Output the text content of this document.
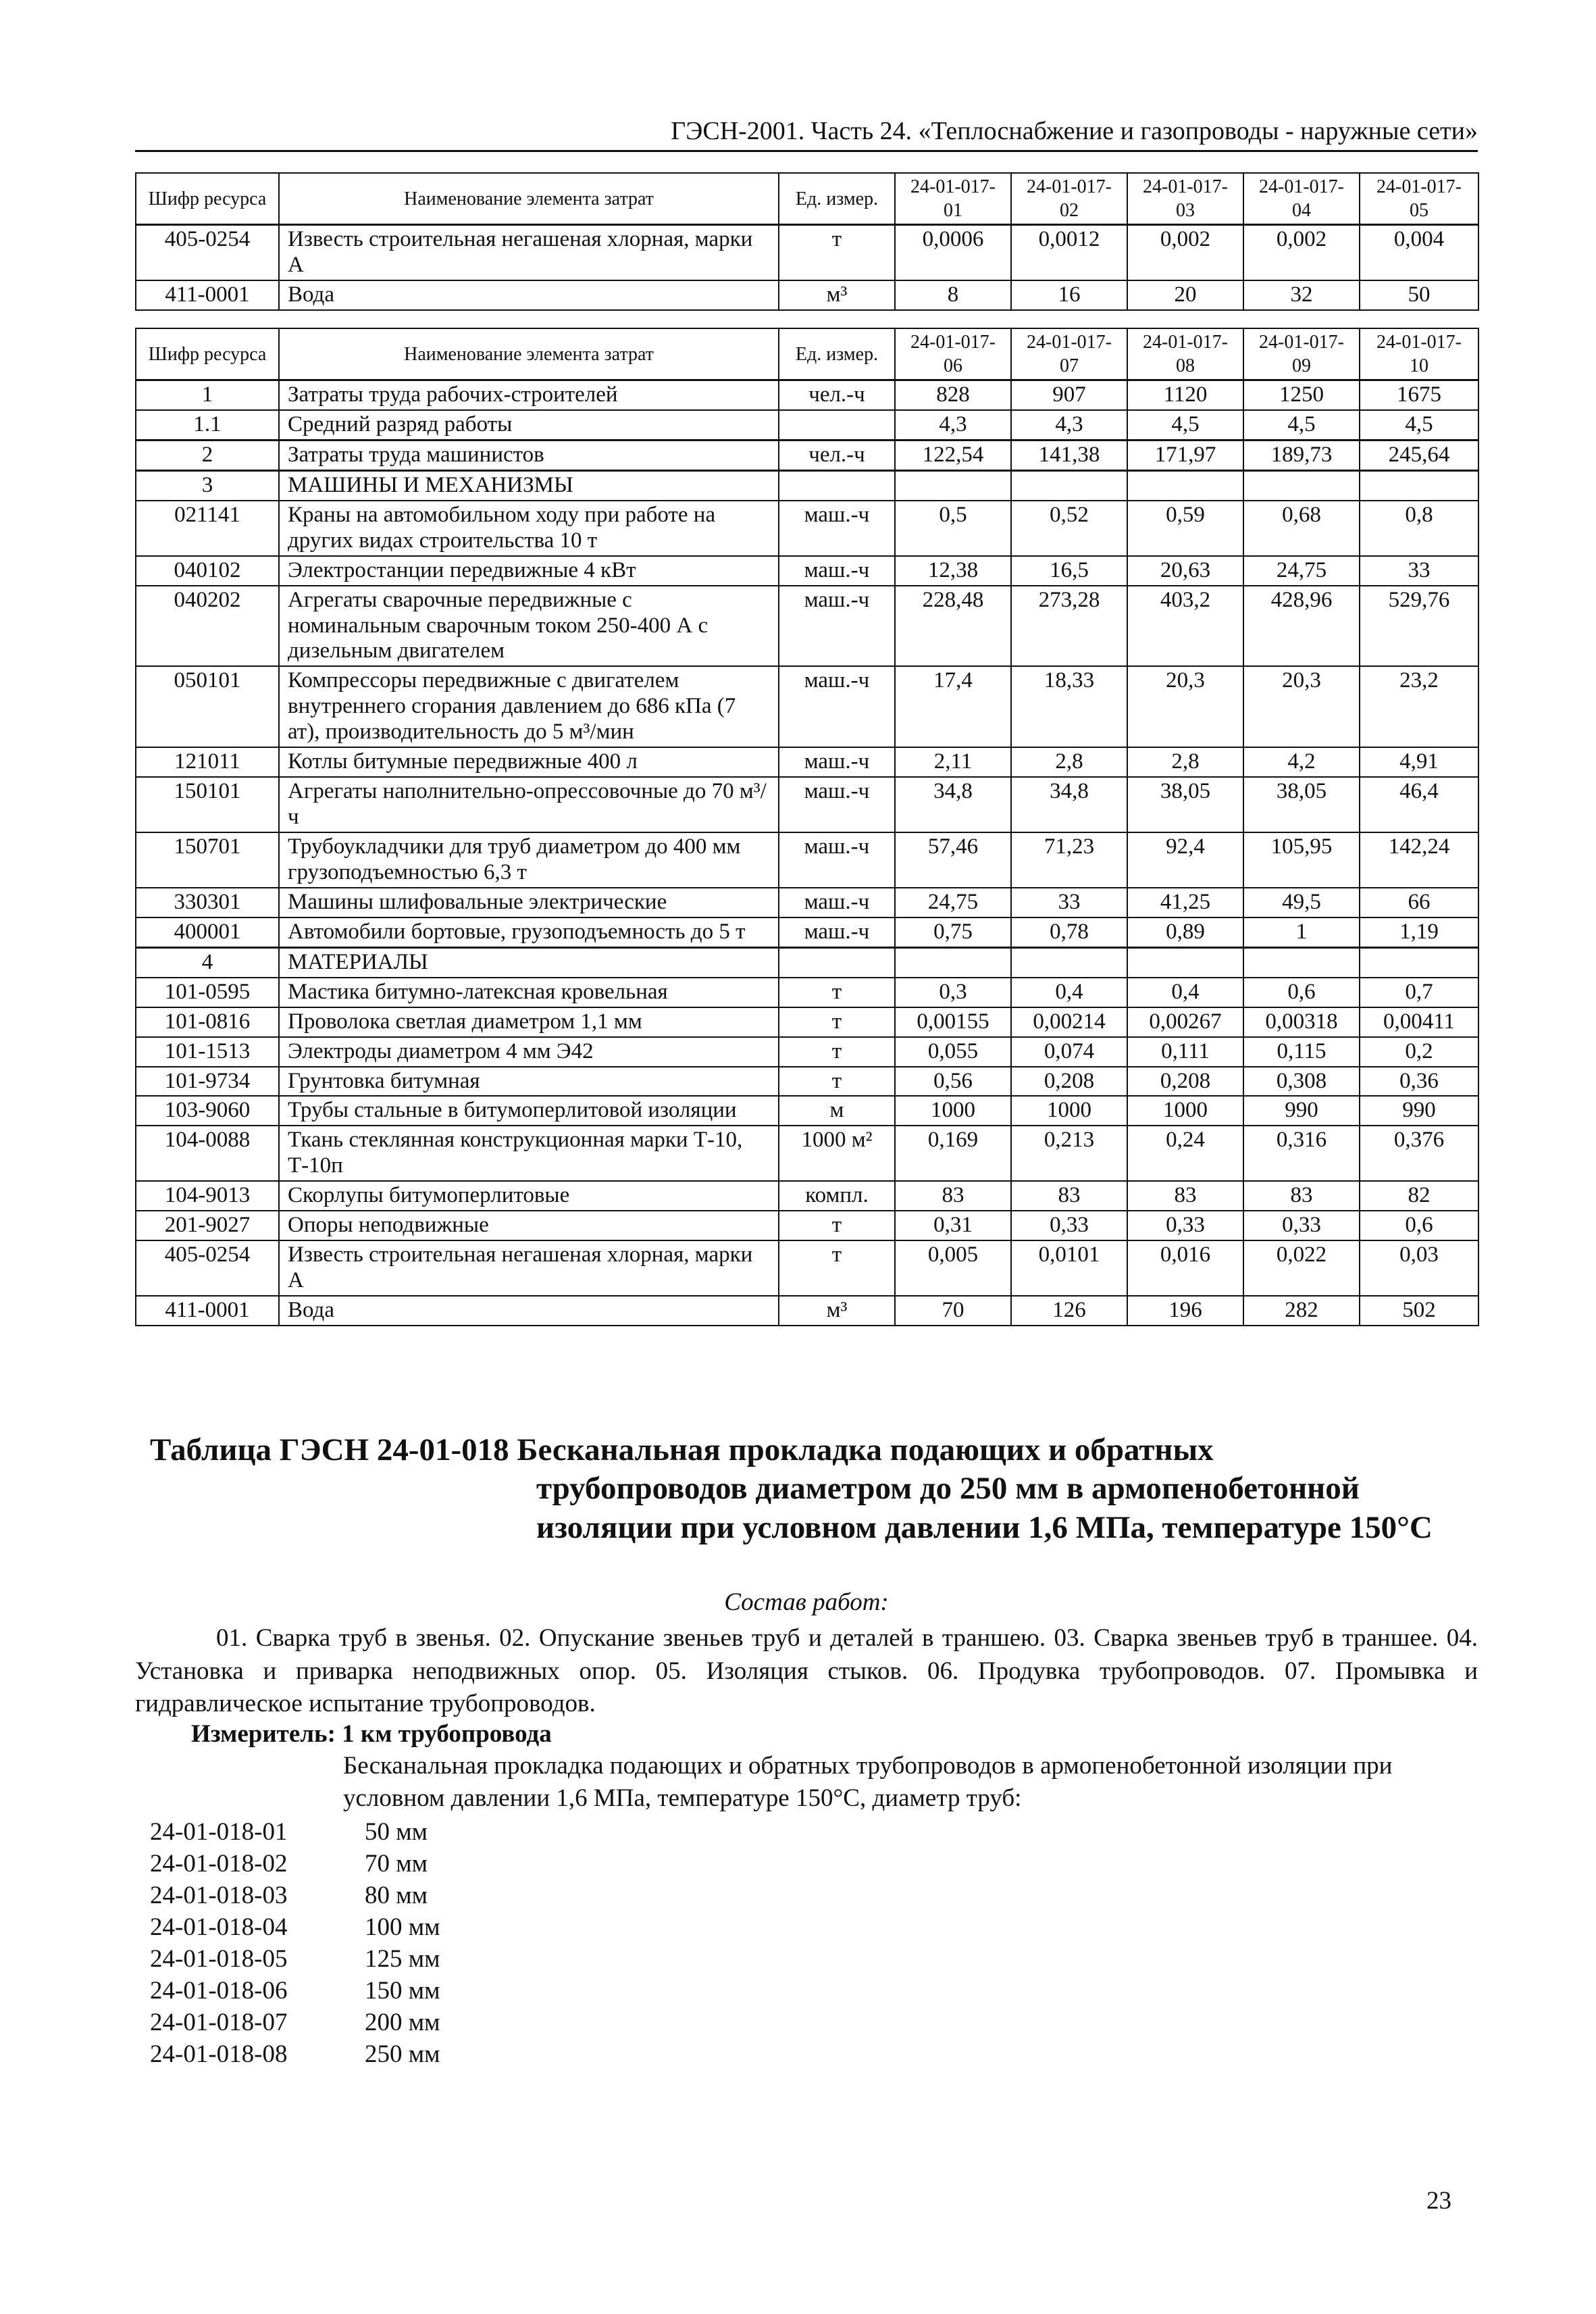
ГЭСН-2001. Часть 24. «Теплоснабжение и газопроводы - наружные сети»
Шифр ресурса	Наименование элемента затрат	Ед. измер.	24-01-017-01	24-01-017-02	24-01-017-03	24-01-017-04	24-01-017-05
405-0254	Известь строительная негашеная хлорная, марки А	т	0,0006	0,0012	0,002	0,002	0,004
411-0001	Вода	м³	8	16	20	32	50
Шифр ресурса	Наименование элемента затрат	Ед. измер.	24-01-017-06	24-01-017-07	24-01-017-08	24-01-017-09	24-01-017-10
1	Затраты труда рабочих-строителей	чел.-ч	828	907	1120	1250	1675
1.1	Средний разряд работы		4,3	4,3	4,5	4,5	4,5
2	Затраты труда машинистов	чел.-ч	122,54	141,38	171,97	189,73	245,64
3	МАШИНЫ И МЕХАНИЗМЫ						
021141	Краны на автомобильном ходу при работе на других видах строительства 10 т	маш.-ч	0,5	0,52	0,59	0,68	0,8
040102	Электростанции передвижные 4 кВт	маш.-ч	12,38	16,5	20,63	24,75	33
040202	Агрегаты сварочные передвижные с номинальным сварочным током 250-400 А с дизельным двигателем	маш.-ч	228,48	273,28	403,2	428,96	529,76
050101	Компрессоры передвижные с двигателем внутреннего сгорания давлением до 686 кПа (7 ат), производительность до 5 м³/мин	маш.-ч	17,4	18,33	20,3	20,3	23,2
121011	Котлы битумные передвижные 400 л	маш.-ч	2,11	2,8	2,8	4,2	4,91
150101	Агрегаты наполнительно-опрессовочные до 70 м³/ч	маш.-ч	34,8	34,8	38,05	38,05	46,4
150701	Трубоукладчики для труб диаметром до 400 мм грузоподъемностью 6,3 т	маш.-ч	57,46	71,23	92,4	105,95	142,24
330301	Машины шлифовальные электрические	маш.-ч	24,75	33	41,25	49,5	66
400001	Автомобили бортовые, грузоподъемность до 5 т	маш.-ч	0,75	0,78	0,89	1	1,19
4	МАТЕРИАЛЫ						
101-0595	Мастика битумно-латексная кровельная	т	0,3	0,4	0,4	0,6	0,7
101-0816	Проволока светлая диаметром 1,1 мм	т	0,00155	0,00214	0,00267	0,00318	0,00411
101-1513	Электроды диаметром 4 мм Э42	т	0,055	0,074	0,111	0,115	0,2
101-9734	Грунтовка битумная	т	0,56	0,208	0,208	0,308	0,36
103-9060	Трубы стальные в битумоперлитовой изоляции	м	1000	1000	1000	990	990
104-0088	Ткань стеклянная конструкционная марки Т-10, Т-10п	1000 м²	0,169	0,213	0,24	0,316	0,376
104-9013	Скорлупы битумоперлитовые	компл.	83	83	83	83	82
201-9027	Опоры неподвижные	т	0,31	0,33	0,33	0,33	0,6
405-0254	Известь строительная негашеная хлорная, марки А	т	0,005	0,0101	0,016	0,022	0,03
411-0001	Вода	м³	70	126	196	282	502
Таблица ГЭСН 24-01-018 Бесканальная прокладка подающих и обратных
трубопроводов диаметром до 250 мм в армопенобетонной изоляции при условном давлении 1,6 МПа, температуре 150°С
Состав работ:
01. Сварка труб в звенья. 02. Опускание звеньев труб и деталей в траншею. 03. Сварка звеньев труб в траншее. 04. Установка и приварка неподвижных опор. 05. Изоляция стыков. 06. Продувка трубопроводов. 07. Промывка и гидравлическое испытание трубопроводов.
Измеритель: 1 км трубопровода
Бесканальная прокладка подающих и обратных трубопроводов в армопенобетонной изоляции при условном давлении 1,6 МПа, температуре 150°С, диаметр труб:
24-01-018-01	50 мм
24-01-018-02	70 мм
24-01-018-03	80 мм
24-01-018-04	100 мм
24-01-018-05	125 мм
24-01-018-06	150 мм
24-01-018-07	200 мм
24-01-018-08	250 мм
23
